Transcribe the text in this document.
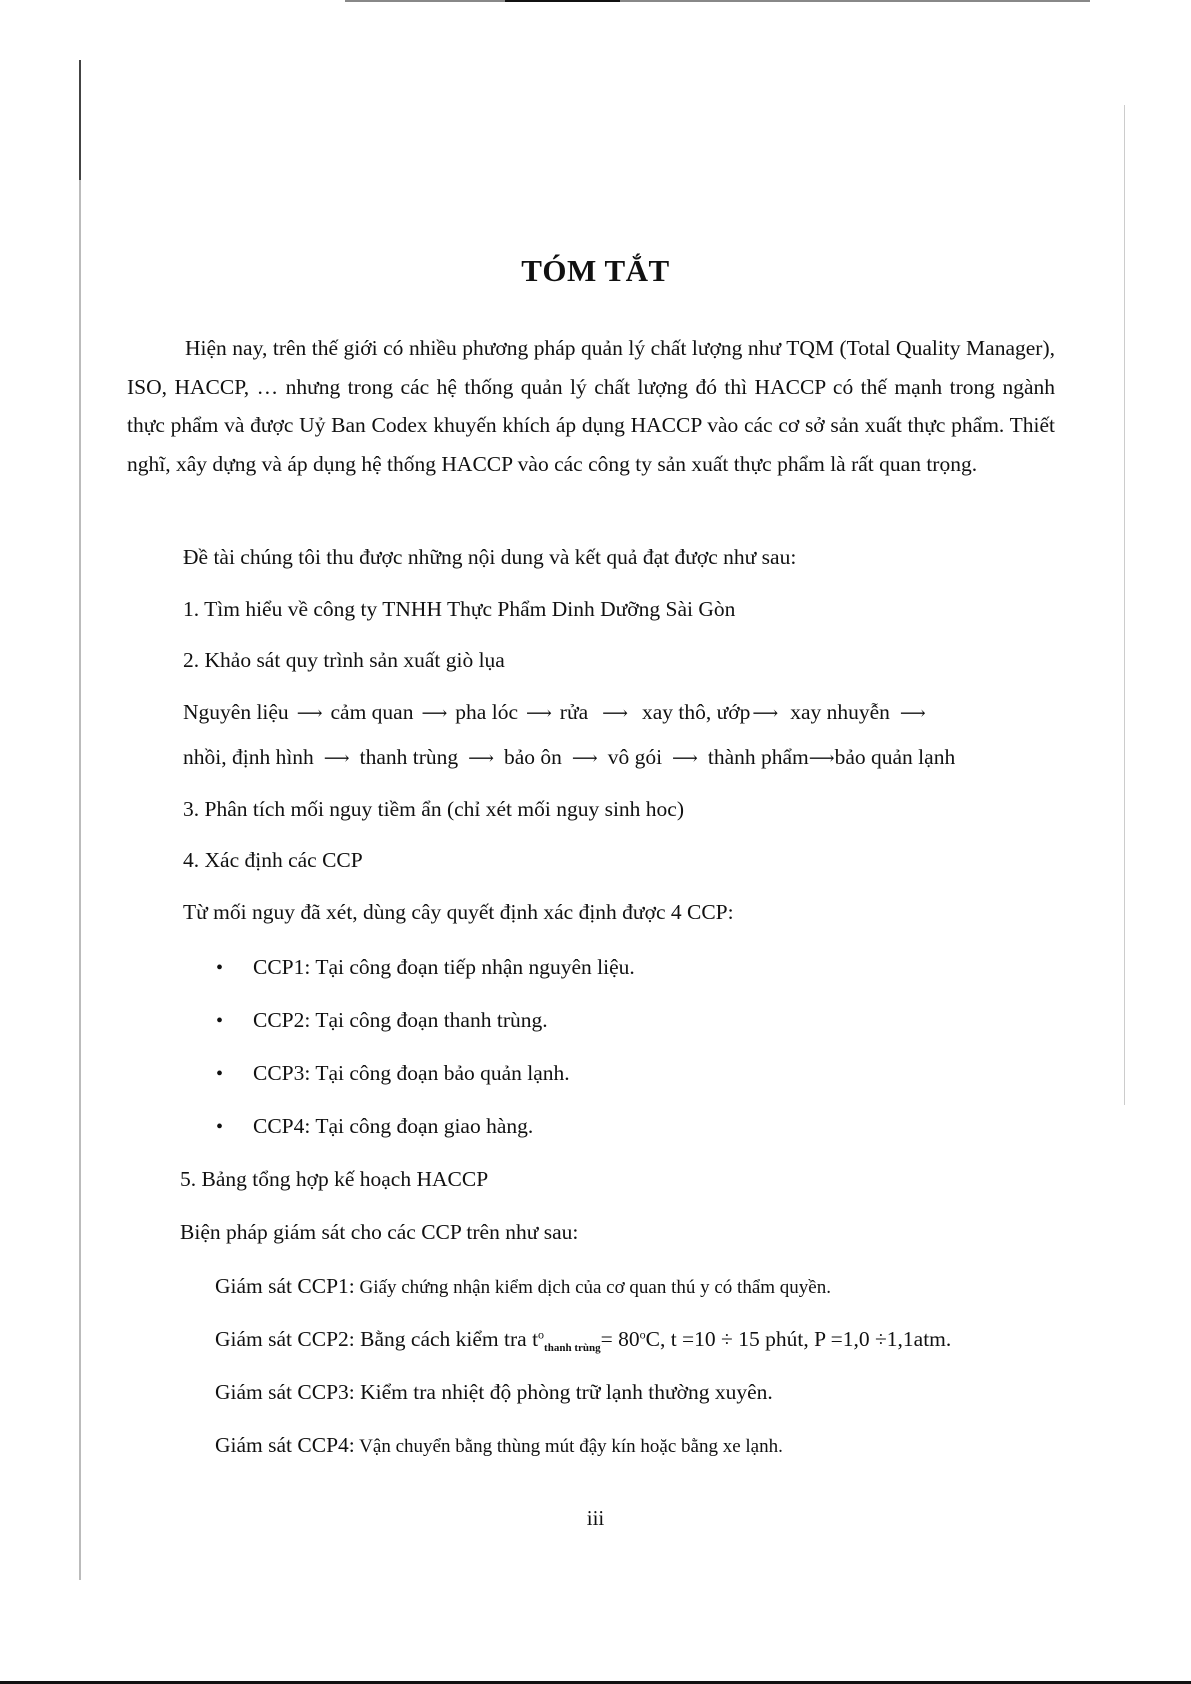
TÓM TẮT
Hiện nay, trên thế giới có nhiều phương pháp quản lý chất lượng như TQM (Total Quality Manager), ISO, HACCP, … nhưng trong các hệ thống quản lý chất lượng đó thì HACCP có thế mạnh trong ngành thực phẩm và được Uỷ Ban Codex khuyến khích áp dụng HACCP vào các cơ sở sản xuất thực phẩm. Thiết nghĩ, xây dựng và áp dụng hệ thống HACCP vào các công ty sản xuất thực phẩm là rất quan trọng.
Đề tài chúng tôi thu được những nội dung và kết quả đạt được như sau:
1. Tìm hiểu về công ty TNHH Thực Phẩm Dinh Dưỡng Sài Gòn
2. Khảo sát quy trình sản xuất giò lụa
Nguyên liệu ⟶ cảm quan ⟶ pha lóc ⟶ rửa ⟶ xay thô, ướp ⟶ xay nhuyễn ⟶
nhồi, định hình ⟶ thanh trùng ⟶ bảo ôn ⟶ vô gói ⟶ thành phẩm ⟶ bảo quản lạnh
3. Phân tích mối nguy tiềm ẩn (chỉ xét mối nguy sinh hoc)
4. Xác định các CCP
Từ mối nguy đã xét, dùng cây quyết định xác định được 4 CCP:
• CCP1: Tại công đoạn tiếp nhận nguyên liệu.
• CCP2: Tại công đoạn thanh trùng.
• CCP3: Tại công đoạn bảo quản lạnh.
• CCP4: Tại công đoạn giao hàng.
5. Bảng tổng hợp kế hoạch HACCP
Biện pháp giám sát cho các CCP trên như sau:
Giám sát CCP1: Giấy chứng nhận kiểm dịch của cơ quan thú y có thẩm quyền.
Giám sát CCP2: Bằng cách kiểm tra $t^o_{thanh trùng}= 80^oC$, t =10 ÷ 15 phút, P =1,0 ÷1,1atm.
Giám sát CCP3: Kiểm tra nhiệt độ phòng trữ lạnh thường xuyên.
Giám sát CCP4: Vận chuyển bằng thùng mút đậy kín hoặc bằng xe lạnh.
iii
